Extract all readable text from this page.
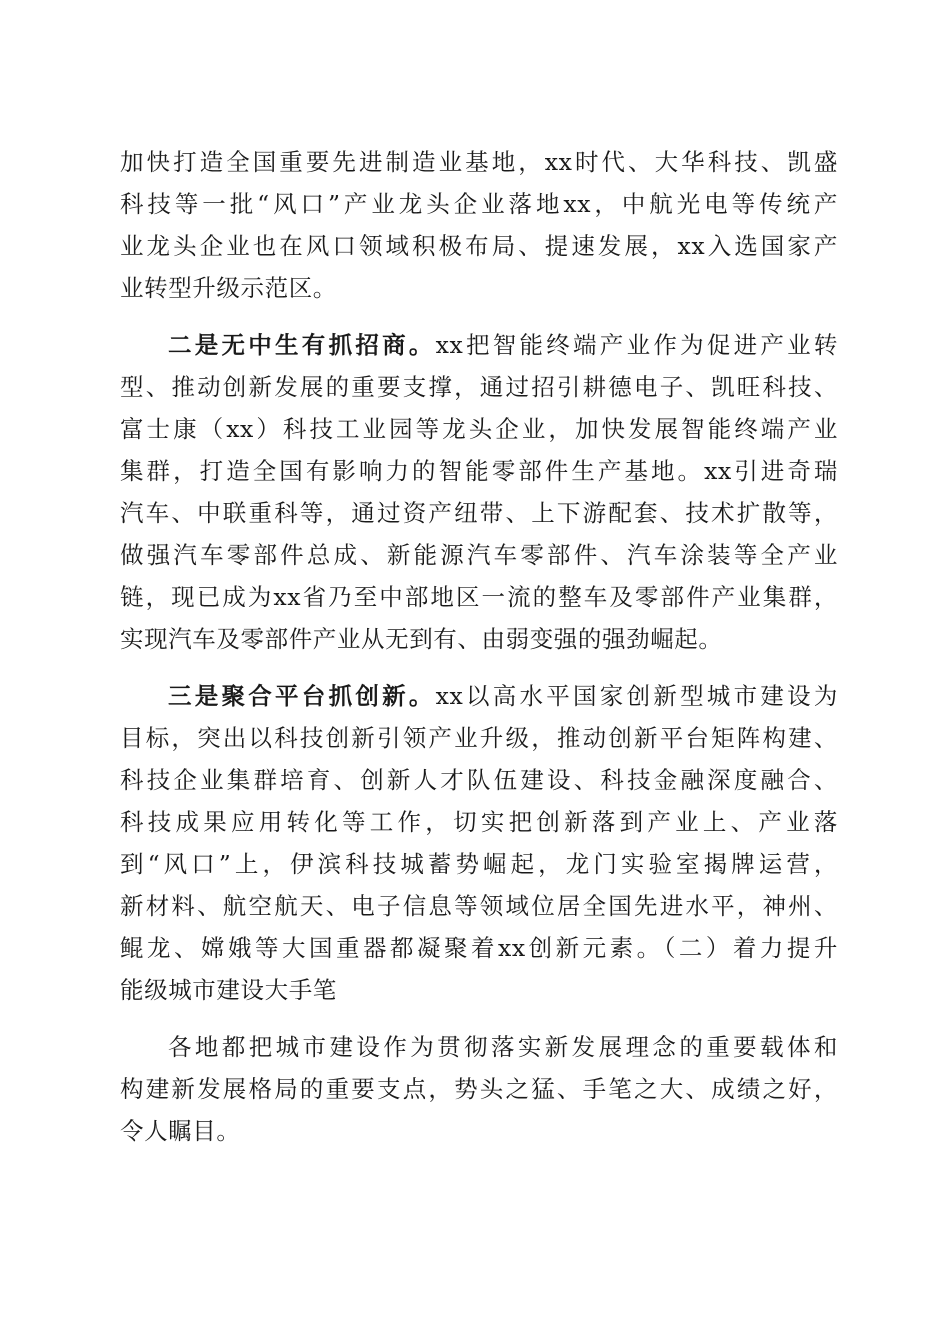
加快打造全国重要先进制造业基地，xx时代、大华科技、凯盛
科技等一批“风口”产业龙头企业落地xx，中航光电等传统产
业龙头企业也在风口领域积极布局、提速发展，xx入选国家产
业转型升级示范区。
二是无中生有抓招商。xx把智能终端产业作为促进产业转
型、推动创新发展的重要支撑，通过招引耕德电子、凯旺科技、
富士康（xx）科技工业园等龙头企业，加快发展智能终端产业
集群，打造全国有影响力的智能零部件生产基地。xx引进奇瑞
汽车、中联重科等，通过资产纽带、上下游配套、技术扩散等，
做强汽车零部件总成、新能源汽车零部件、汽车涂装等全产业
链，现已成为xx省乃至中部地区一流的整车及零部件产业集群，
实现汽车及零部件产业从无到有、由弱变强的强劲崛起。
三是聚合平台抓创新。xx以高水平国家创新型城市建设为
目标，突出以科技创新引领产业升级，推动创新平台矩阵构建、
科技企业集群培育、创新人才队伍建设、科技金融深度融合、
科技成果应用转化等工作，切实把创新落到产业上、产业落
到“风口”上，伊滨科技城蓄势崛起，龙门实验室揭牌运营，
新材料、航空航天、电子信息等领域位居全国先进水平，神州、
鲲龙、嫦娥等大国重器都凝聚着xx创新元素。（二）着力提升
能级城市建设大手笔
各地都把城市建设作为贯彻落实新发展理念的重要载体和
构建新发展格局的重要支点，势头之猛、手笔之大、成绩之好，
令人瞩目。
